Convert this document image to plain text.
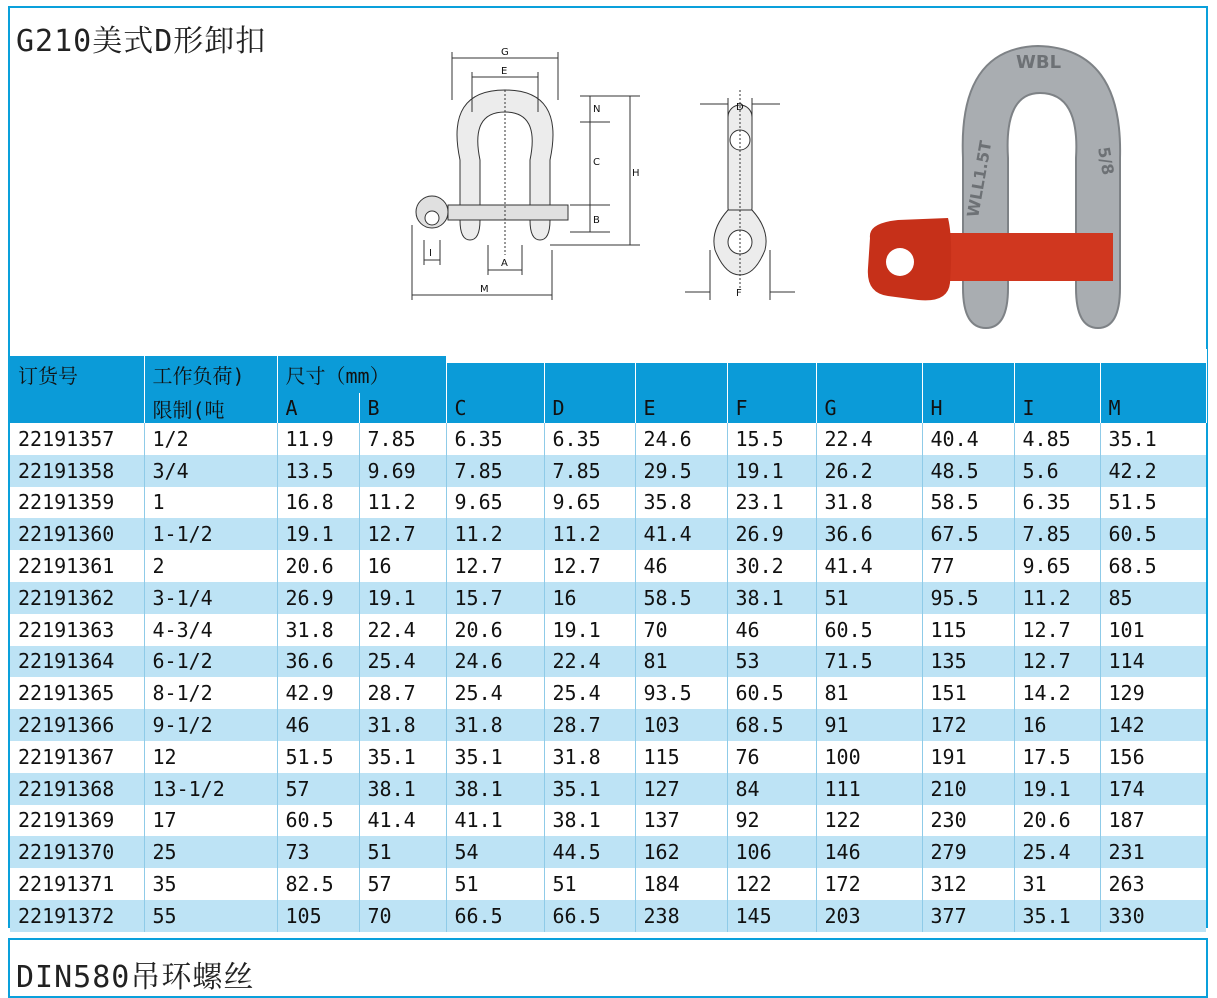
G210美式D形卸扣	G
E
N
C
H
B
A
I
M
D
F
WBL
WLL1.5T	5/8
订货号	工作负荷)	尺寸（mm）									
	限制(吨	A	B	C	D	E	F	G	H	I	M
22191357	1/2	11.9	7.85	6.35	6.35	24.6	15.5	22.4	40.4	4.85	35.1
22191358	3/4	13.5	9.69	7.85	7.85	29.5	19.1	26.2	48.5	5.6	42.2
22191359	1	16.8	11.2	9.65	9.65	35.8	23.1	31.8	58.5	6.35	51.5
22191360	1-1/2	19.1	12.7	11.2	11.2	41.4	26.9	36.6	67.5	7.85	60.5
22191361	2	20.6	16	12.7	12.7	46	30.2	41.4	77	9.65	68.5
22191362	3-1/4	26.9	19.1	15.7	16	58.5	38.1	51	95.5	11.2	85
22191363	4-3/4	31.8	22.4	20.6	19.1	70	46	60.5	115	12.7	101
22191364	6-1/2	36.6	25.4	24.6	22.4	81	53	71.5	135	12.7	114
22191365	8-1/2	42.9	28.7	25.4	25.4	93.5	60.5	81	151	14.2	129
22191366	9-1/2	46	31.8	31.8	28.7	103	68.5	91	172	16	142
22191367	12	51.5	35.1	35.1	31.8	115	76	100	191	17.5	156
22191368	13-1/2	57	38.1	38.1	35.1	127	84	111	210	19.1	174
22191369	17	60.5	41.4	41.1	38.1	137	92	122	230	20.6	187
22191370	25	73	51	54	44.5	162	106	146	279	25.4	231
22191371	35	82.5	57	51	51	184	122	172	312	31	263
22191372	55	105	70	66.5	66.5	238	145	203	377	35.1	330
DIN580吊环螺丝
